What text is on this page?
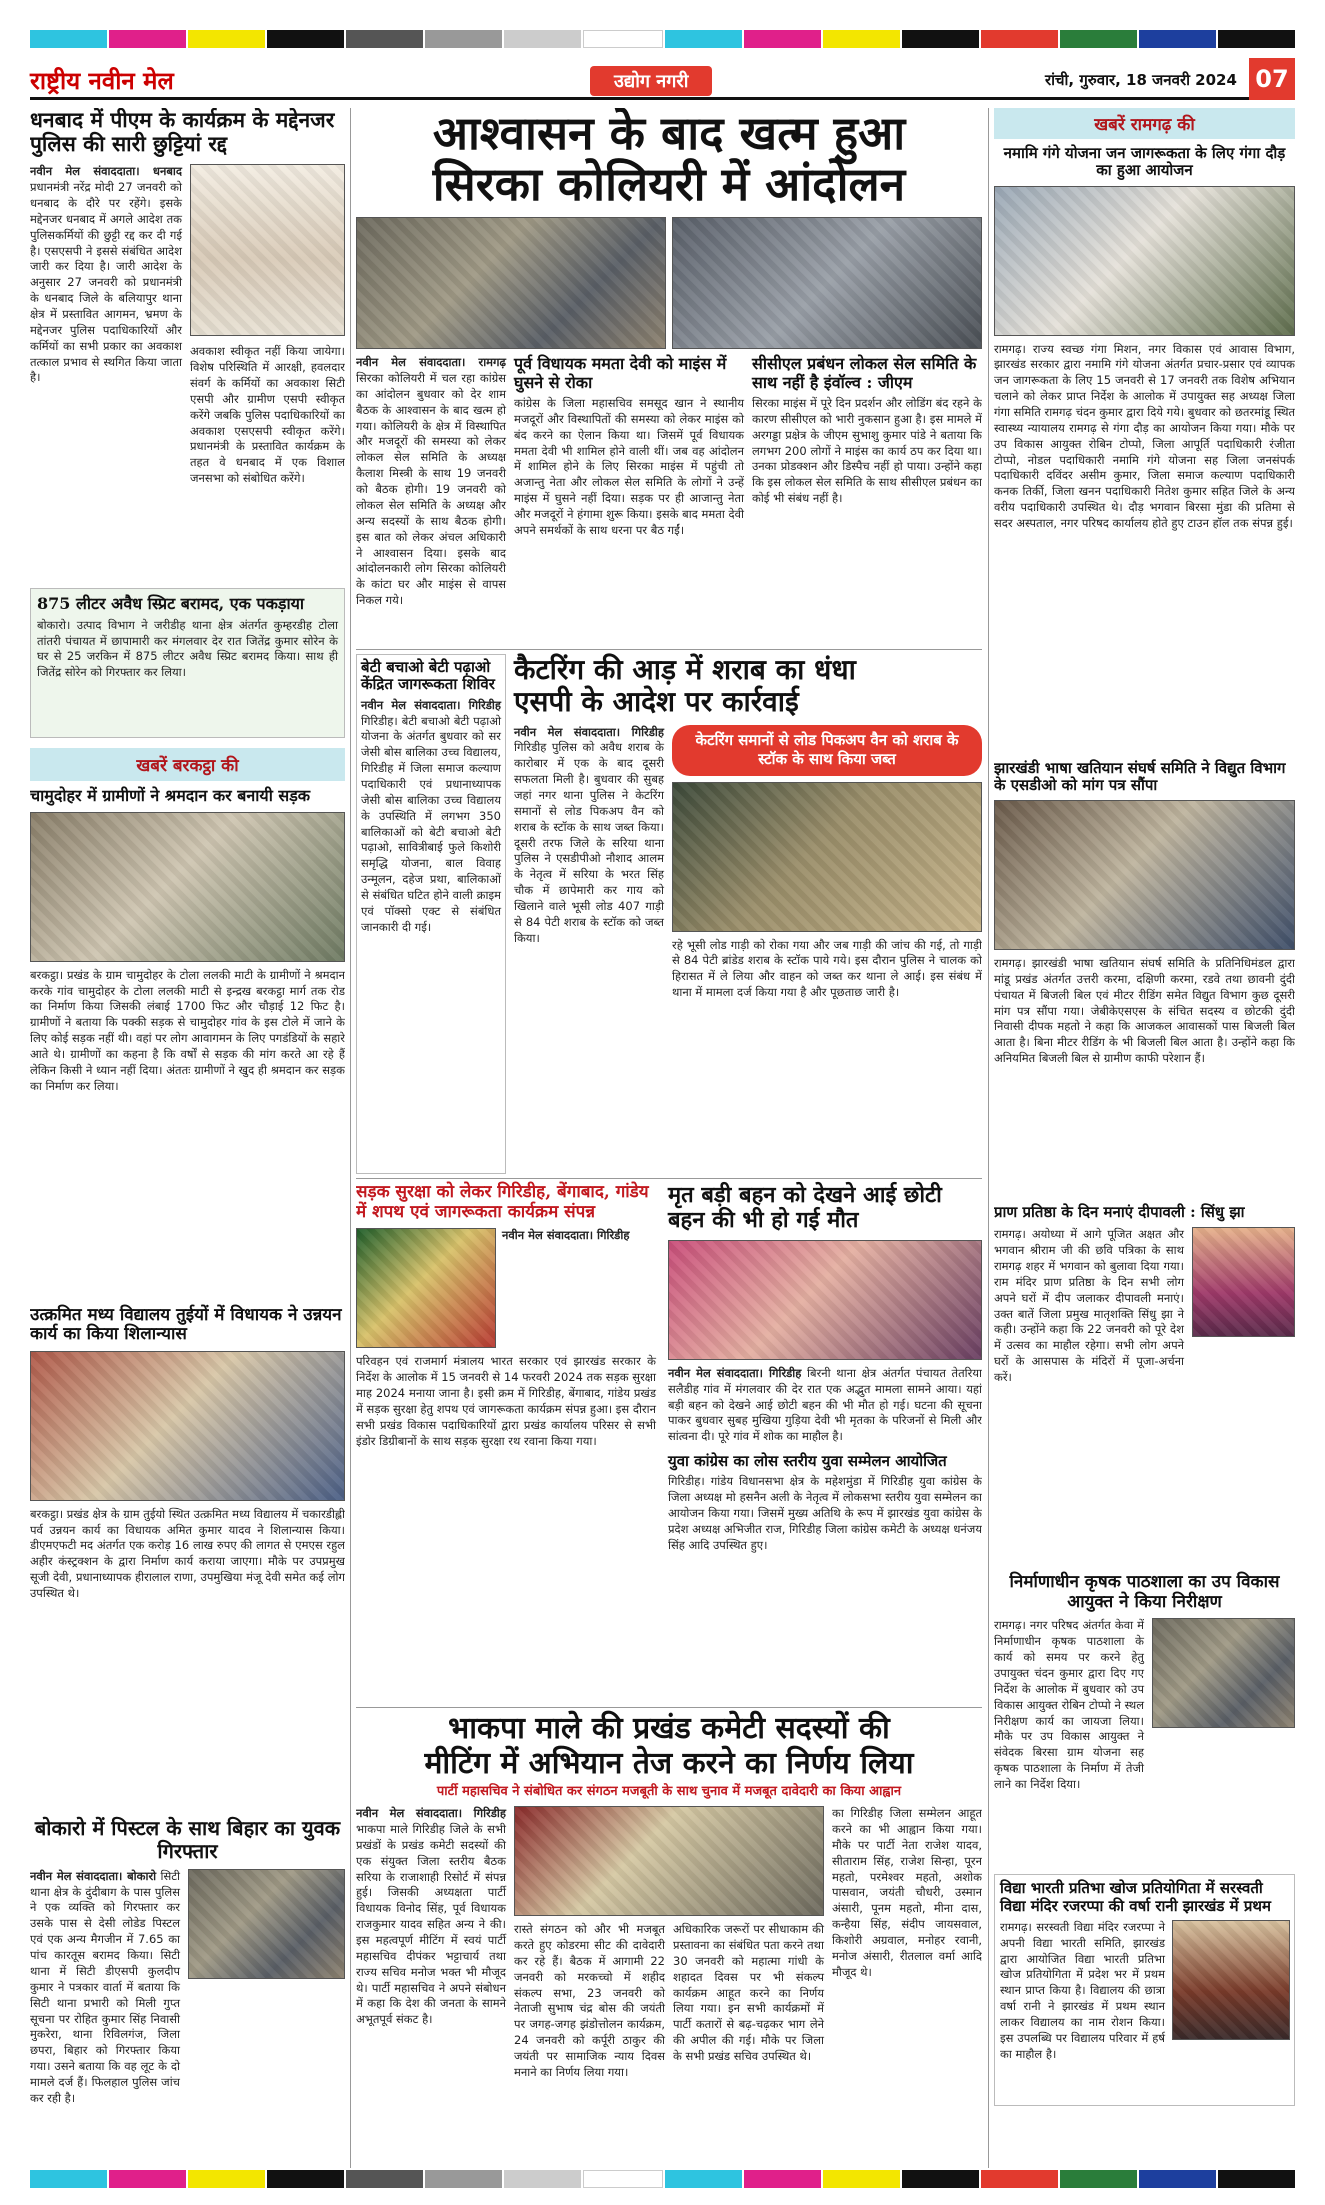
राष्ट्रीय नवीन मेल	उद्योग नगरी	रांची, गुरुवार, 18 जनवरी 2024 07
धनबाद में पीएम के कार्यक्रम के मद्देनजर पुलिस की सारी छुट्टियां रद्द
नवीन मेल संवाददाता। धनबाद प्रधानमंत्री नरेंद्र मोदी 27 जनवरी को धनबाद के दौरे पर रहेंगे। इसके मद्देनजर धनबाद में अगले आदेश तक पुलिसकर्मियों की छुट्टी रद्द कर दी गई है। एसएसपी ने इससे संबंधित आदेश जारी कर दिया है। जारी आदेश के अनुसार 27 जनवरी को प्रधानमंत्री के धनबाद जिले के बलियापुर थाना क्षेत्र में प्रस्तावित आगमन, भ्रमण के मद्देनजर पुलिस पदाधिकारियों और कर्मियों का सभी प्रकार का अवकाश तत्काल प्रभाव से स्थगित किया जाता है।
अवकाश स्वीकृत नहीं किया जायेगा। विशेष परिस्थिति में आरक्षी, हवलदार संवर्ग के कर्मियों का अवकाश सिटी एसपी और ग्रामीण एसपी स्वीकृत करेंगे जबकि पुलिस पदाधिकारियों का अवकाश एसएसपी स्वीकृत करेंगे। प्रधानमंत्री के प्रस्तावित कार्यक्रम के तहत वे धनबाद में एक विशाल जनसभा को संबोधित करेंगे।
875 लीटर अवैध स्प्रिट बरामद, एक पकड़ाया
बोकारो। उत्पाद विभाग ने जरीडीह थाना क्षेत्र अंतर्गत कुम्हरडीह टोला तांतरी पंचायत में छापामारी कर मंगलवार देर रात जितेंद्र कुमार सोरेन के घर से 25 जरकिन में 875 लीटर अवैध स्प्रिट बरामद किया। साथ ही जितेंद्र सोरेन को गिरफ्तार कर लिया।
खबरें बरकट्ठा की
चामुदोहर में ग्रामीणों ने श्रमदान कर बनायी सड़क
बरकट्ठा। प्रखंड के ग्राम चामुदोहर के टोला ललकी माटी के ग्रामीणों ने श्रमदान करके गांव चामुदोहर के टोला ललकी माटी से इन्द्रख बरकट्ठा मार्ग तक रोड का निर्माण किया जिसकी लंबाई 1700 फिट और चौड़ाई 12 फिट है। ग्रामीणों ने बताया कि पक्की सड़क से चामुदोहर गांव के इस टोले में जाने के लिए कोई सड़क नहीं थी। वहां पर लोग आवागमन के लिए पगडंडियों के सहारे आते थे। ग्रामीणों का कहना है कि वर्षों से सड़क की मांग करते आ रहे हैं लेकिन किसी ने ध्यान नहीं दिया। अंततः ग्रामीणों ने खुद ही श्रमदान कर सड़क का निर्माण कर लिया।
उत्क्रमित मध्य विद्यालय तुईयों में विधायक ने उन्नयन कार्य का किया शिलान्यास
बरकट्ठा। प्रखंड क्षेत्र के ग्राम तुईयो स्थित उत्क्रमित मध्य विद्यालय में चकारडीह्ली पर्व उन्नयन कार्य का विधायक अमित कुमार यादव ने शिलान्यास किया। डीएमएफटी मद अंतर्गत एक करोड़ 16 लाख रुपए की लागत से एमएस रहुल अहीर कंस्ट्रक्शन के द्वारा निर्माण कार्य कराया जाएगा। मौके पर उपप्रमुख सूजी देवी, प्रधानाध्यापक हीरालाल राणा, उपमुखिया मंजू देवी समेत कई लोग उपस्थित थे।
बोकारो में पिस्टल के साथ बिहार का युवक गिरफ्तार
नवीन मेल संवाददाता। बोकारो सिटी थाना क्षेत्र के दुंदीबाग के पास पुलिस ने एक व्यक्ति को गिरफ्तार कर उसके पास से देसी लोडेड पिस्टल एवं एक अन्य मैगजीन में 7.65 का पांच कारतूस बरामद किया। सिटी थाना में सिटी डीएसपी कुलदीप कुमार ने पत्रकार वार्ता में बताया कि सिटी थाना प्रभारी को मिली गुप्त सूचना पर रोहित कुमार सिंह निवासी मुकरेरा, थाना रिविलगंज, जिला छपरा, बिहार को गिरफ्तार किया गया। उसने बताया कि वह लूट के दो मामले दर्ज हैं। फिलहाल पुलिस जांच कर रही है।
आश्वासन के बाद खत्म हुआ
सिरका कोलियरी में आंदोलन
नवीन मेल संवाददाता। रामगढ़ सिरका कोलियरी में चल रहा कांग्रेस का आंदोलन बुधवार को देर शाम बैठक के आश्वासन के बाद खत्म हो गया। कोलियरी के क्षेत्र में विस्थापित और मजदूरों की समस्या को लेकर लोकल सेल समिति के अध्यक्ष कैलाश मिस्त्री के साथ 19 जनवरी को बैठक होगी। 19 जनवरी को लोकल सेल समिति के अध्यक्ष और अन्य सदस्यों के साथ बैठक होगी। इस बात को लेकर अंचल अधिकारी ने आश्वासन दिया। इसके बाद आंदोलनकारी लोग सिरका कोलियरी के कांटा घर और माइंस से वापस निकल गये।
पूर्व विधायक ममता देवी को माइंस में घुसने से रोका
कांग्रेस के जिला महासचिव समसूद खान ने स्थानीय मजदूरों और विस्थापितों की समस्या को लेकर माइंस को बंद करने का ऐलान किया था। जिसमें पूर्व विधायक ममता देवी भी शामिल होने वाली थीं। जब वह आंदोलन में शामिल होने के लिए सिरका माइंस में पहुंची तो अजान्तु नेता और लोकल सेल समिति के लोगों ने उन्हें माइंस में घुसने नहीं दिया। सड़क पर ही आजान्तु नेता और मजदूरों ने हंगामा शुरू किया। इसके बाद ममता देवी अपने समर्थकों के साथ धरना पर बैठ गईं।
सीसीएल प्रबंधन लोकल सेल समिति के साथ नहीं है इंवॉल्व : जीएम
सिरका माइंस में पूरे दिन प्रदर्शन और लोडिंग बंद रहने के कारण सीसीएल को भारी नुकसान हुआ है। इस मामले में अरगड्डा प्रक्षेत्र के जीएम सुभाशु कुमार पांडे ने बताया कि लगभग 200 लोगों ने माइंस का कार्य ठप कर दिया था। उनका प्रोडक्शन और डिस्पैच नहीं हो पाया। उन्होंने कहा कि इस लोकल सेल समिति के साथ सीसीएल प्रबंधन का कोई भी संबंध नहीं है।
बेटी बचाओ बेटी पढ़ाओ केंद्रित जागरूकता शिविर
नवीन मेल संवाददाता। गिरिडीह गिरिडीह। बेटी बचाओ बेटी पढ़ाओ योजना के अंतर्गत बुधवार को सर जेसी बोस बालिका उच्च विद्यालय, गिरिडीह में जिला समाज कल्याण पदाधिकारी एवं प्रधानाध्यापक जेसी बोस बालिका उच्च विद्यालय के उपस्थिति में लगभग 350 बालिकाओं को बेटी बचाओ बेटी पढ़ाओ, सावित्रीबाई फुले किशोरी समृद्धि योजना, बाल विवाह उन्मूलन, दहेज प्रथा, बालिकाओं से संबंधित घटित होने वाली क्राइम एवं पॉक्सो एक्ट से संबंधित जानकारी दी गई।
कैटरिंग की आड़ में शराब का धंधा
एसपी के आदेश पर कार्रवाई
नवीन मेल संवाददाता। गिरिडीह गिरिडीह पुलिस को अवैध शराब के कारोबार में एक के बाद दूसरी सफलता मिली है। बुधवार की सुबह जहां नगर थाना पुलिस ने केटरिंग समानों से लोड पिकअप वैन को शराब के स्टॉक के साथ जब्त किया। दूसरी तरफ जिले के सरिया थाना पुलिस ने एसडीपीओ नौशाद आलम के नेतृत्व में सरिया के भरत सिंह चौक में छापेमारी कर गाय को खिलाने वाले भूसी लोड 407 गाड़ी से 84 पेटी शराब के स्टॉक को जब्त किया।
केटरिंग समानों से लोड पिकअप वैन को शराब के स्टॉक के साथ किया जब्त
रहे भूसी लोड गाड़ी को रोका गया और जब गाड़ी की जांच की गई, तो गाड़ी से 84 पेटी ब्रांडेड शराब के स्टॉक पाये गये। इस दौरान पुलिस ने चालक को हिरासत में ले लिया और वाहन को जब्त कर थाना ले आई। इस संबंध में थाना में मामला दर्ज किया गया है और पूछताछ जारी है।
सड़क सुरक्षा को लेकर गिरिडीह, बेंगाबाद, गांडेय में शपथ एवं जागरूकता कार्यक्रम संपन्न
नवीन मेल संवाददाता। गिरिडीह
परिवहन एवं राजमार्ग मंत्रालय भारत सरकार एवं झारखंड सरकार के निर्देश के आलोक में 15 जनवरी से 14 फरवरी 2024 तक सड़क सुरक्षा माह 2024 मनाया जाना है। इसी क्रम में गिरिडीह, बेंगाबाद, गांडेय प्रखंड में सड़क सुरक्षा हेतु शपथ एवं जागरूकता कार्यक्रम संपन्न हुआ। इस दौरान सभी प्रखंड विकास पदाधिकारियों द्वारा प्रखंड कार्यालय परिसर से सभी इंडोर डिग्रीबानों के साथ सड़क सुरक्षा रथ रवाना किया गया।
मृत बड़ी बहन को देखने आई छोटी बहन की भी हो गई मौत
नवीन मेल संवाददाता। गिरिडीह बिरनी थाना क्षेत्र अंतर्गत पंचायत तेतरिया सलैडीह गांव में मंगलवार की देर रात एक अद्भुत मामला सामने आया। यहां बड़ी बहन को देखने आई छोटी बहन की भी मौत हो गई। घटना की सूचना पाकर बुधवार सुबह मुखिया गुड़िया देवी भी मृतका के परिजनों से मिली और सांत्वना दी। पूरे गांव में शोक का माहौल है।
युवा कांग्रेस का लोस स्तरीय युवा सम्मेलन आयोजित
गिरिडीह। गांडेय विधानसभा क्षेत्र के महेशमुंडा में गिरिडीह युवा कांग्रेस के जिला अध्यक्ष मो हसनैन अली के नेतृत्व में लोकसभा स्तरीय युवा सम्मेलन का आयोजन किया गया। जिसमें मुख्य अतिथि के रूप में झारखंड युवा कांग्रेस के प्रदेश अध्यक्ष अभिजीत राज, गिरिडीह जिला कांग्रेस कमेटी के अध्यक्ष धनंजय सिंह आदि उपस्थित हुए।
भाकपा माले की प्रखंड कमेटी सदस्यों की
मीटिंग में अभियान तेज करने का निर्णय लिया
पार्टी महासचिव ने संबोधित कर संगठन मजबूती के साथ चुनाव में मजबूत दावेदारी का किया आह्वान
नवीन मेल संवाददाता। गिरिडीह भाकपा माले गिरिडीह जिले के सभी प्रखंडों के प्रखंड कमेटी सदस्यों की एक संयुक्त जिला स्तरीय बैठक सरिया के राजाशाही रिसोर्ट में संपन्न हुई। जिसकी अध्यक्षता पार्टी विधायक विनोद सिंह, पूर्व विधायक राजकुमार यादव सहित अन्य ने की। इस महत्वपूर्ण मीटिंग में स्वयं पार्टी महासचिव दीपंकर भट्टाचार्य तथा राज्य सचिव मनोज भक्त भी मौजूद थे। पार्टी महासचिव ने अपने संबोधन में कहा कि देश की जनता के सामने अभूतपूर्व संकट है।
रास्ते संगठन को और भी मजबूत करते हुए कोडरमा सीट की दावेदारी कर रहे हैं। बैठक में आगामी 22 जनवरी को मरकच्चो में शहीद संकल्प सभा, 23 जनवरी को नेताजी सुभाष चंद्र बोस की जयंती पर जगह-जगह झंडोत्तोलन कार्यक्रम, 24 जनवरी को कर्पूरी ठाकुर की जयंती पर सामाजिक न्याय दिवस मनाने का निर्णय लिया गया।
अधिकारिक जरूरों पर सीधाकाम की प्रस्तावना का संबंधित पता करने तथा 30 जनवरी को महात्मा गांधी के शहादत दिवस पर भी संकल्प कार्यक्रम आहूत करने का निर्णय लिया गया। इन सभी कार्यक्रमों में पार्टी कतारों से बढ़-चढ़कर भाग लेने की अपील की गई। मौके पर जिला के सभी प्रखंड सचिव उपस्थित थे।
का गिरिडीह जिला सम्मेलन आहूत करने का भी आह्वान किया गया। मौके पर पार्टी नेता राजेश यादव, सीताराम सिंह, राजेश सिन्हा, पूरन महतो, परमेश्वर महतो, अशोक पासवान, जयंती चौधरी, उस्मान अंसारी, पूनम महतो, मीना दास, कन्हैया सिंह, संदीप जायसवाल, किशोरी अग्रवाल, मनोहर रवानी, मनोज अंसारी, रीतलाल वर्मा आदि मौजूद थे।
खबरें रामगढ़ की
नमामि गंगे योजना जन जागरूकता के लिए गंगा दौड़ का हुआ आयोजन
रामगढ़। राज्य स्वच्छ गंगा मिशन, नगर विकास एवं आवास विभाग, झारखंड सरकार द्वारा नमामि गंगे योजना अंतर्गत प्रचार-प्रसार एवं व्यापक जन जागरूकता के लिए 15 जनवरी से 17 जनवरी तक विशेष अभियान चलाने को लेकर प्राप्त निर्देश के आलोक में उपायुक्त सह अध्यक्ष जिला गंगा समिति रामगढ़ चंदन कुमार द्वारा दिये गये। बुधवार को छतरमांडू स्थित स्वास्थ्य न्यायालय रामगढ़ से गंगा दौड़ का आयोजन किया गया। मौके पर उप विकास आयुक्त रोबिन टोप्पो, जिला आपूर्ति पदाधिकारी रंजीता टोप्पो, नोडल पदाधिकारी नमामि गंगे योजना सह जिला जनसंपर्क पदाधिकारी दविंदर असीम कुमार, जिला समाज कल्याण पदाधिकारी कनक तिर्की, जिला खनन पदाधिकारी नितेश कुमार सहित जिले के अन्य वरीय पदाधिकारी उपस्थित थे। दौड़ भगवान बिरसा मुंडा की प्रतिमा से सदर अस्पताल, नगर परिषद कार्यालय होते हुए टाउन हॉल तक संपन्न हुई।
झारखंडी भाषा खतियान संघर्ष समिति ने विद्युत विभाग के एसडीओ को मांग पत्र सौंपा
रामगढ़। झारखंडी भाषा खतियान संघर्ष समिति के प्रतिनिधिमंडल द्वारा मांडू प्रखंड अंतर्गत उत्तरी करमा, दक्षिणी करमा, रडवे तथा छावनी दुंदी पंचायत में बिजली बिल एवं मीटर रीडिंग समेत विद्युत विभाग कुछ दूसरी मांग पत्र सौंपा गया। जेबीकेएसएस के संचित सदस्य व छोटकी दुंदी निवासी दीपक महतो ने कहा कि आजकल आवासकों पास बिजली बिल आता है। बिना मीटर रीडिंग के भी बिजली बिल आता है। उन्होंने कहा कि अनियमित बिजली बिल से ग्रामीण काफी परेशान हैं।
प्राण प्रतिष्ठा के दिन मनाएं दीपावली : सिंधु झा
रामगढ़। अयोध्या में आगे पूजित अक्षत और भगवान श्रीराम जी की छवि पत्रिका के साथ रामगढ़ शहर में भगवान को बुलावा दिया गया। राम मंदिर प्राण प्रतिष्ठा के दिन सभी लोग अपने घरों में दीप जलाकर दीपावली मनाएं। उक्त बातें जिला प्रमुख मातृशक्ति सिंधु झा ने कही। उन्होंने कहा कि 22 जनवरी को पूरे देश में उत्सव का माहौल रहेगा। सभी लोग अपने घरों के आसपास के मंदिरों में पूजा-अर्चना करें।
निर्माणाधीन कृषक पाठशाला का उप विकास आयुक्त ने किया निरीक्षण
रामगढ़। नगर परिषद अंतर्गत केवा में निर्माणाधीन कृषक पाठशाला के कार्य को समय पर करने हेतु उपायुक्त चंदन कुमार द्वारा दिए गए निर्देश के आलोक में बुधवार को उप विकास आयुक्त रोबिन टोप्पो ने स्थल निरीक्षण कार्य का जायजा लिया। मौके पर उप विकास आयुक्त ने संवेदक बिरसा ग्राम योजना सह कृषक पाठशाला के निर्माण में तेजी लाने का निर्देश दिया।
विद्या भारती प्रतिभा खोज प्रतियोगिता में सरस्वती विद्या मंदिर रजरप्पा की वर्षा रानी झारखंड में प्रथम
रामगढ़। सरस्वती विद्या मंदिर रजरप्पा ने अपनी विद्या भारती समिति, झारखंड द्वारा आयोजित विद्या भारती प्रतिभा खोज प्रतियोगिता में प्रदेश भर में प्रथम स्थान प्राप्त किया है। विद्यालय की छात्रा वर्षा रानी ने झारखंड में प्रथम स्थान लाकर विद्यालय का नाम रोशन किया। इस उपलब्धि पर विद्यालय परिवार में हर्ष का माहौल है।
